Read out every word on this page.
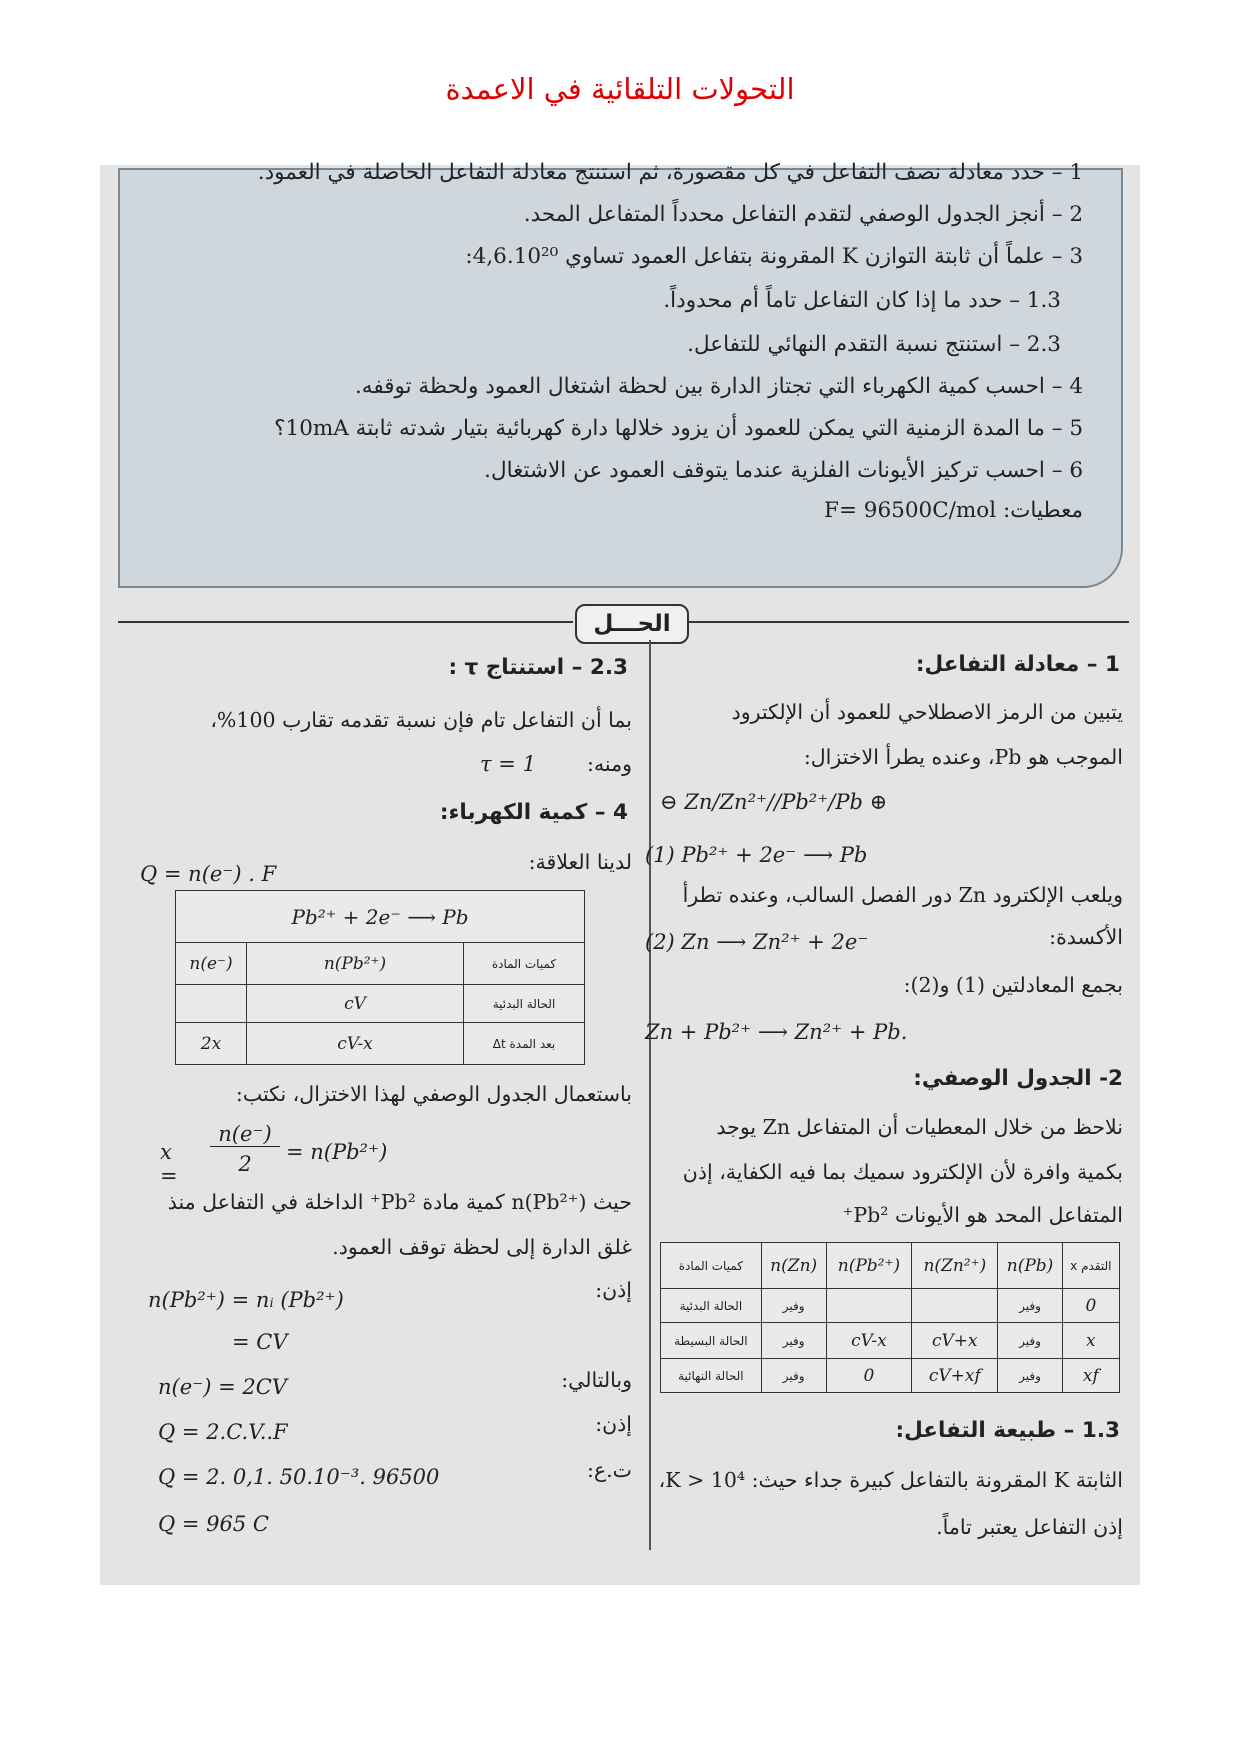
التحولات التلقائية في الاعمدة
1 – حدد معادلة نصف التفاعل في كل مقصورة، ثم استنتج معادلة التفاعل الحاصلة في العمود.
2 – أنجز الجدول الوصفي لتقدم التفاعل محدداً المتفاعل المحد.
3 – علماً أن ثابتة التوازن K المقرونة بتفاعل العمود تساوي 4,6.10²⁰:
1.3 – حدد ما إذا كان التفاعل تاماً أم محدوداً.
2.3 – استنتج نسبة التقدم النهائي للتفاعل.
4 – احسب كمية الكهرباء التي تجتاز الدارة بين لحظة اشتغال العمود ولحظة توقفه.
5 – ما المدة الزمنية التي يمكن للعمود أن يزود خلالها دارة كهربائية بتيار شدته ثابتة 10mA؟
6 – احسب تركيز الأيونات الفلزية عندما يتوقف العمود عن الاشتغال.
معطيات: F= 96500C/mol
الحـــل
1 – معادلة التفاعل:
يتبين من الرمز الاصطلاحي للعمود أن الإلكترود
الموجب هو Pb، وعنده يطرأ الاختزال:
⊖ Zn/Zn²⁺//Pb²⁺/Pb ⊕
(1) Pb²⁺ + 2e⁻ ⟶ Pb
ويلعب الإلكترود Zn دور الفصل السالب، وعنده تطرأ
الأكسدة:
(2) Zn ⟶ Zn²⁺ + 2e⁻
بجمع المعادلتين (1) و(2):
Zn + Pb²⁺ ⟶ Zn²⁺ + Pb.
2- الجدول الوصفي:
نلاحظ من خلال المعطيات أن المتفاعل Zn يوجد
بكمية وافرة لأن الإلكترود سميك بما فيه الكفاية، إذن
المتفاعل المحد هو الأيونات Pb²⁺
كميات المادة	n(Zn)	n(Pb²⁺)	n(Zn²⁺)	n(Pb)	التقدم x
الحالة البدئية	وفير			وفير	0
الحالة البسيطة	وفير	cV-x	cV+x	وفير	x
الحالة النهائية	وفير	0	cV+xf	وفير	xf
1.3 – طبيعة التفاعل:
الثابتة K المقرونة بالتفاعل كبيرة جداء حيث: K > 10⁴،
إذن التفاعل يعتبر تاماً.
2.3 – استنتاج τ :
بما أن التفاعل تام فإن نسبة تقدمه تقارب 100%،
ومنه:
τ = 1
4 – كمية الكهرباء:
لدينا العلاقة:
Q = n(e⁻) . F
Pb²⁺ + 2e⁻ ⟶ Pb		
n(e⁻)	n(Pb²⁺)	كميات المادة
	cV	الحالة البدئية
2x	cV-x	بعد المدة Δt
باستعمال الجدول الوصفي لهذا الاختزال، نكتب:
x =
n(e⁻)
2	= n(Pb²⁺)
حيث n(Pb²⁺) كمية مادة Pb²⁺ الداخلة في التفاعل منذ
غلق الدارة إلى لحظة توقف العمود.
إذن:
n(Pb²⁺) = nᵢ (Pb²⁺)
= CV
وبالتالي:
n(e⁻) = 2CV
إذن:
Q = 2.C.V..F
ت.ع:
Q = 2. 0,1. 50.10⁻³. 96500
Q = 965 C
